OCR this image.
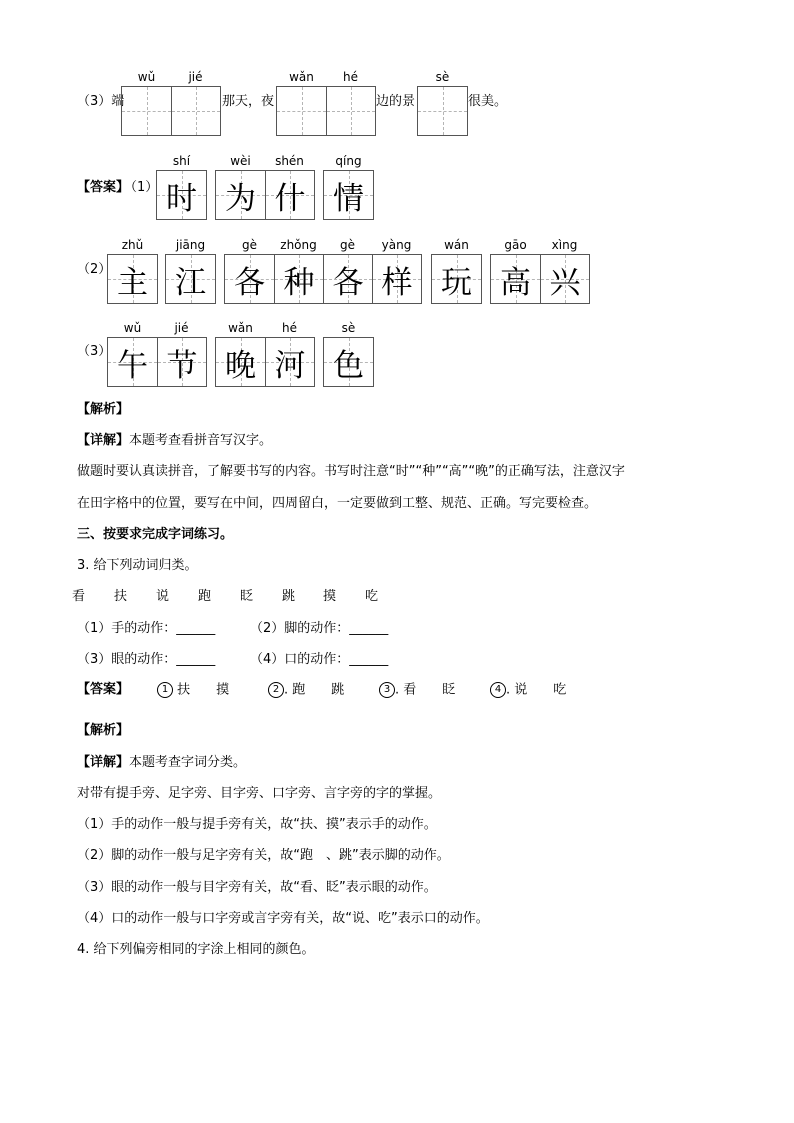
（3）端
wǔ	jié
那天，夜
wǎn	hé
边的景
sè
很美。
【答案】
（1）
shí
时
wèi	shén
为 什
qíng
情
（2）
zhǔ
主
jiāng
江
gè	zhǒng	gè	yàng
各 种 各 样
wán
玩
gāo	xìng
高 兴
（3）
wǔ	jié
午 节
wǎn	hé
晚 河
sè
色
【解析】
【详解】本题考查看拼音写汉字。
做题时要认真读拼音，了解要书写的内容。书写时注意“时”“种”“高”“晚”的正确写法，注意汉字
在田字格中的位置，要写在中间，四周留白，一定要做到工整、规范、正确。写完要检查。
三、按要求完成字词练习。
3. 给下列动词归类。
看 扶 说 跑 眨 跳 摸 吃
（1）手的动作：______	（2）脚的动作：______
（3）眼的动作：______	（4）口的动作：______
【答案】	1 扶　　摸	2 . 跑　　跳	3 . 看　　眨	4 . 说　　吃
【解析】
【详解】本题考查字词分类。
对带有提手旁、足字旁、目字旁、口字旁、言字旁的字的掌握。
（1）手的动作一般与提手旁有关，故“扶、摸”表示手的动作。
（2）脚的动作一般与足字旁有关，故“跑　、跳”表示脚的动作。
（3）眼的动作一般与目字旁有关，故“看、眨”表示眼的动作。
（4）口的动作一般与口字旁或言字旁有关，故“说、吃”表示口的动作。
4. 给下列偏旁相同的字涂上相同的颜色。
